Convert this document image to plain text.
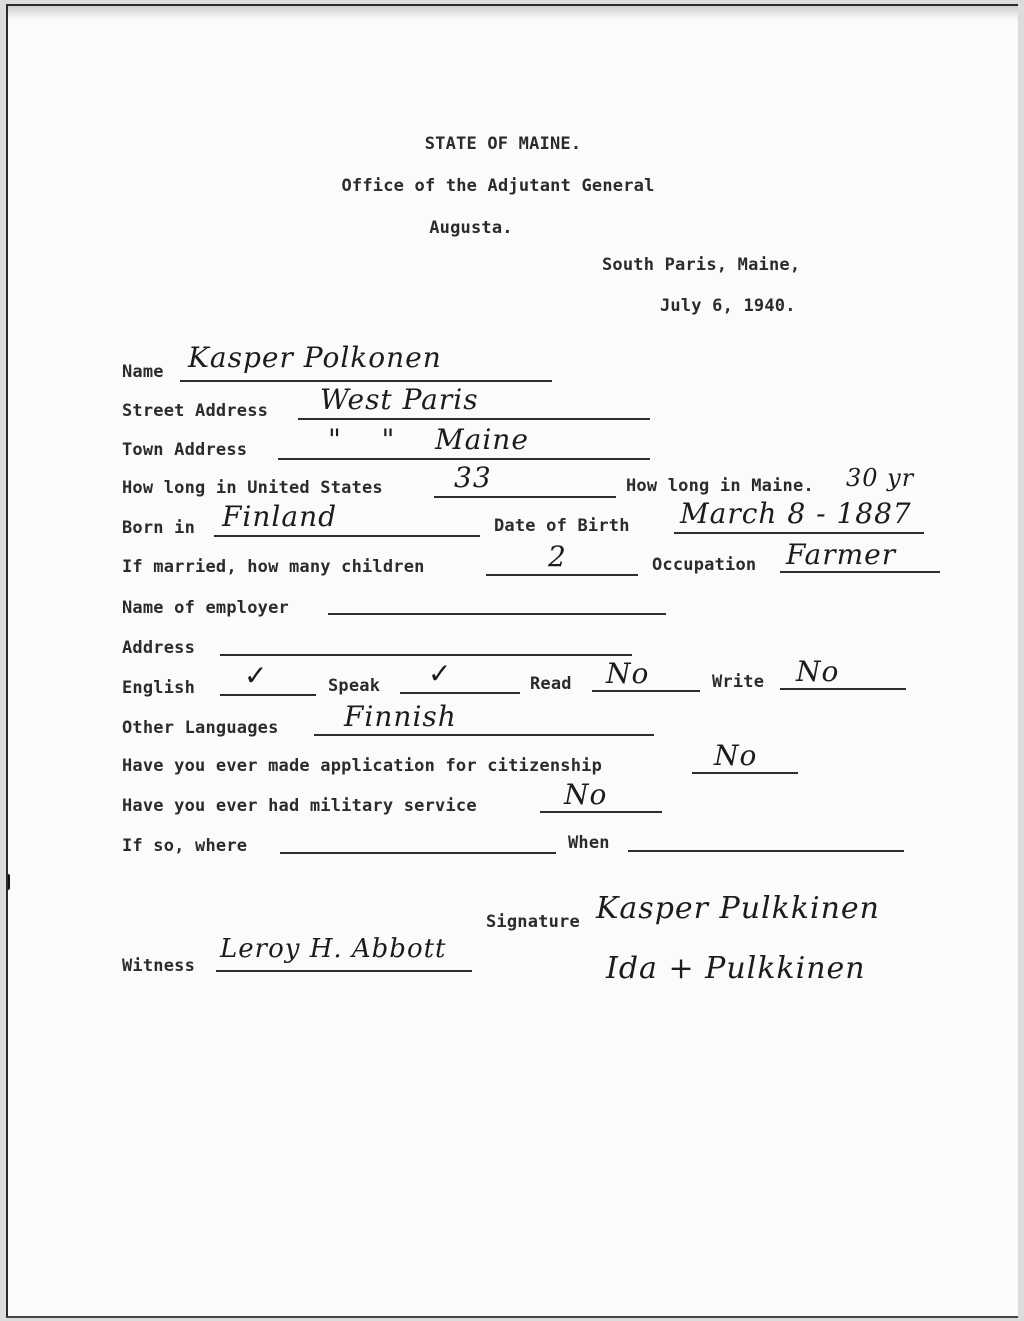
STATE OF MAINE.
Office of the Adjutant General
Augusta.
South Paris, Maine,
July 6, 1940.
Name Kasper Polkonen
Street Address West Paris
Town Address	"    "    Maine
How long in United States	33	How long in Maine. 30 yr
Born in Finland	Date of Birth March 8 - 1887
If married, how many children	2	Occupation Farmer
Name of employer
Address
English ✓	Speak ✓	Read No	Write No
Other Languages Finnish
Have you ever made application for citizenship	No
Have you ever had military service	No
If so, where	When
Signature Kasper Pulkkinen
Ida + Pulkkinen
Witness
Leroy H. Abbott
